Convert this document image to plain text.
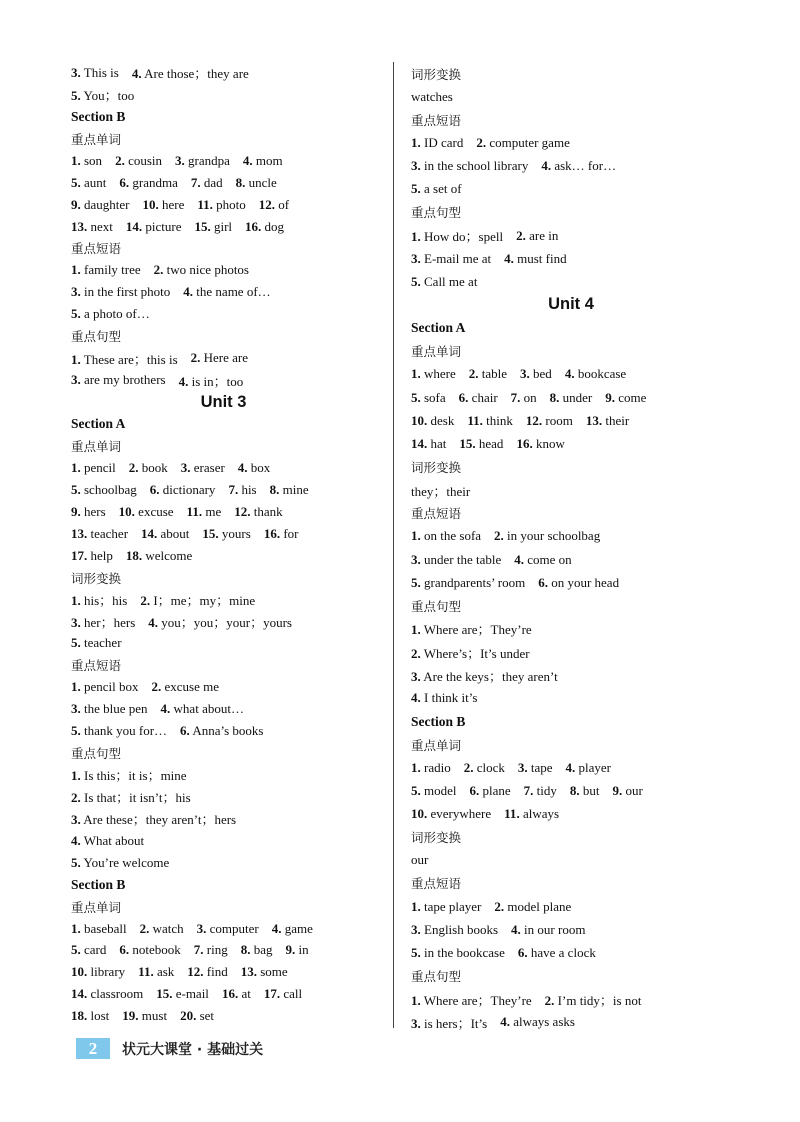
3. This is 4. Are those；they are
5. You；too
Section B
重点单词
1. son 2. cousin 3. grandpa 4. mom
5. aunt 6. grandma 7. dad 8. uncle
9. daughter 10. here 11. photo 12. of
13. next 14. picture 15. girl 16. dog
重点短语
1. family tree 2. two nice photos
3. in the first photo 4. the name of…
5. a photo of…
重点句型
1. These are；this is 2. Here are
3. are my brothers 4. is in；too
Unit 3
Section A
重点单词
1. pencil 2. book 3. eraser 4. box
5. schoolbag 6. dictionary 7. his 8. mine
9. hers 10. excuse 11. me 12. thank
13. teacher 14. about 15. yours 16. for
17. help 18. welcome
词形变换
1. his；his 2. I；me；my；mine
3. her；hers 4. you；you；your；yours
5. teacher
重点短语
1. pencil box 2. excuse me
3. the blue pen 4. what about…
5. thank you for… 6. Anna’s books
重点句型
1. Is this；it is；mine
2. Is that；it isn’t；his
3. Are these；they aren’t；hers
4. What about
5. You’re welcome
Section B
重点单词
1. baseball 2. watch 3. computer 4. game
5. card 6. notebook 7. ring 8. bag 9. in
10. library 11. ask 12. find 13. some
14. classroom 15. e-mail 16. at 17. call
18. lost 19. must 20. set
词形变换
watches
重点短语
1. ID card 2. computer game
3. in the school library 4. ask… for…
5. a set of
重点句型
1. How do；spell 2. are in
3. E-mail me at 4. must find
5. Call me at
Unit 4
Section A
重点单词
1. where 2. table 3. bed 4. bookcase
5. sofa 6. chair 7. on 8. under 9. come
10. desk 11. think 12. room 13. their
14. hat 15. head 16. know
词形变换
they；their
重点短语
1. on the sofa 2. in your schoolbag
3. under the table 4. come on
5. grandparents’ room 6. on your head
重点句型
1. Where are；They’re
2. Where’s；It’s under
3. Are the keys；they aren’t
4. I think it’s
Section B
重点单词
1. radio 2. clock 3. tape 4. player
5. model 6. plane 7. tidy 8. but 9. our
10. everywhere 11. always
词形变换
our
重点短语
1. tape player 2. model plane
3. English books 4. in our room
5. in the bookcase 6. have a clock
重点句型
1. Where are；They’re 2. I’m tidy；is not
3. is hers；It’s 4. always asks
2	状元大课堂 · 基础过关
